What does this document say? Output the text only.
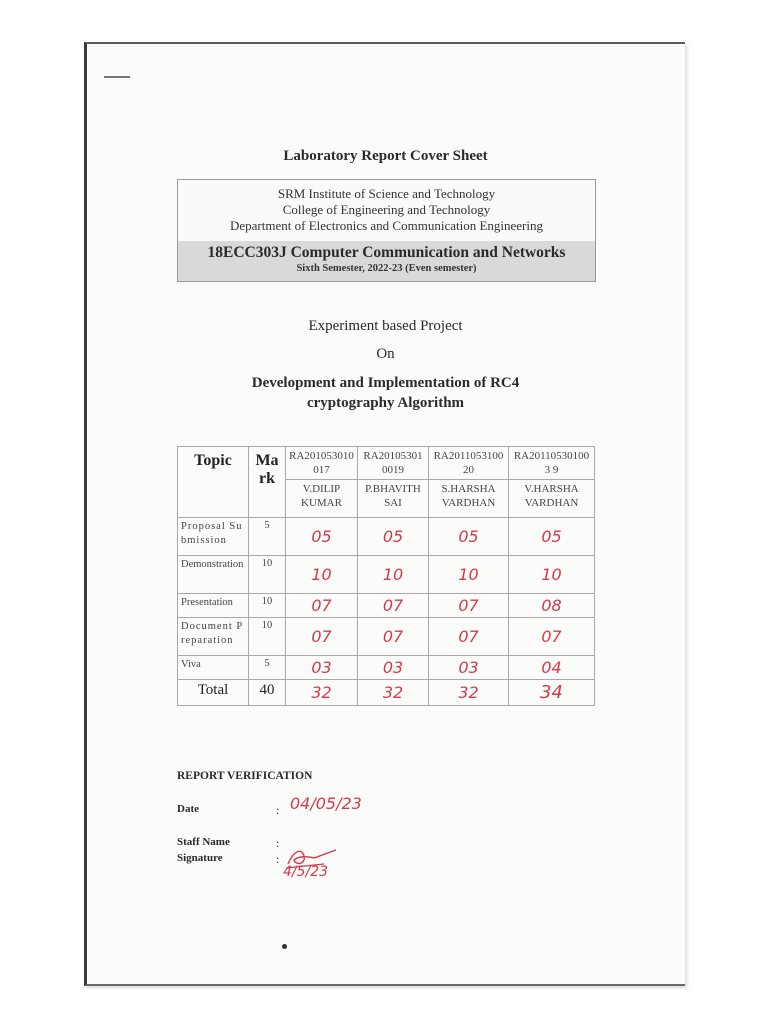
Laboratory Report Cover Sheet
SRM Institute of Science and Technology
College of Engineering and Technology
Department of Electronics and Communication Engineering
18ECC303J Computer Communication and Networks
Sixth Semester, 2022-23 (Even semester)
Experiment based Project
On
Development and Implementation of RC4 cryptography Algorithm
Topic	Mark	RA201053010017	RA201053010019	RA201105310020	RA201105301003 9
		V.DILIP KUMAR	P.BHAVITH SAI	S.HARSHA VARDHAN	V.HARSHA VARDHAN
Proposal Submission	5	05	05	05	05
Demonstration	10	10	10	10	10
Presentation	10	07	07	07	08
Document Preparation	10	07	07	07	07
Viva	5	03	03	03	04
Total	40	32	32	32	34
REPORT VERIFICATION
Date	: 04/05/23
Staff Name
Signature
:
:
4/5/23
